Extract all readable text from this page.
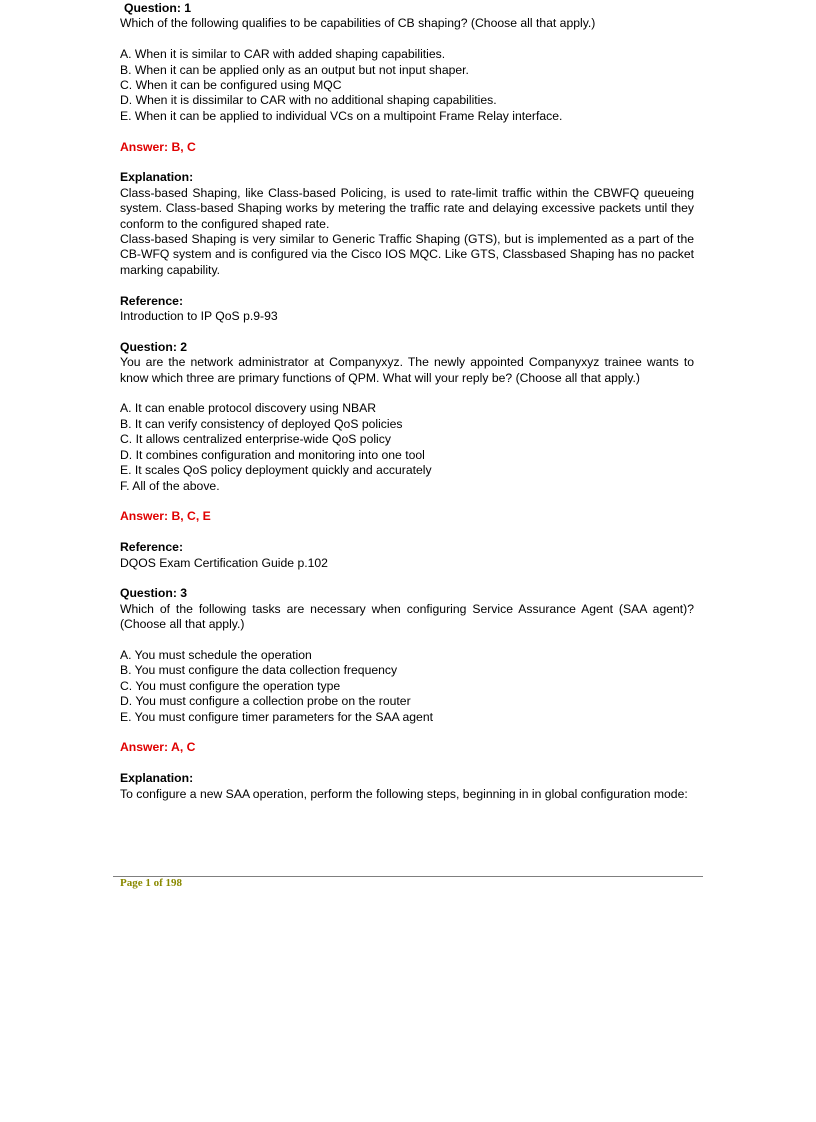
Question: 1
Which of the following qualifies to be capabilities of CB shaping? (Choose all that apply.)
A. When it is similar to CAR with added shaping capabilities.
B. When it can be applied only as an output but not input shaper.
C. When it can be configured using MQC
D. When it is dissimilar to CAR with no additional shaping capabilities.
E. When it can be applied to individual VCs on a multipoint Frame Relay interface.
Answer: B, C
Explanation:
Class-based Shaping, like Class-based Policing, is used to rate-limit traffic within the CBWFQ queueing system. Class-based Shaping works by metering the traffic rate and delaying excessive packets until they conform to the configured shaped rate.
Class-based Shaping is very similar to Generic Traffic Shaping (GTS), but is implemented as a part of the CB-WFQ system and is configured via the Cisco IOS MQC. Like GTS, Classbased Shaping has no packet marking capability.
Reference:
Introduction to IP QoS p.9-93
Question: 2
You are the network administrator at Companyxyz. The newly appointed Companyxyz trainee wants to know which three are primary functions of QPM. What will your reply be? (Choose all that apply.)
A. It can enable protocol discovery using NBAR
B. It can verify consistency of deployed QoS policies
C. It allows centralized enterprise-wide QoS policy
D. It combines configuration and monitoring into one tool
E. It scales QoS policy deployment quickly and accurately
F. All of the above.
Answer: B, C, E
Reference:
DQOS Exam Certification Guide p.102
Question: 3
Which of the following tasks are necessary when configuring Service Assurance Agent (SAA agent)? (Choose all that apply.)
A. You must schedule the operation
B. You must configure the data collection frequency
C. You must configure the operation type
D. You must configure a collection probe on the router
E. You must configure timer parameters for the SAA agent
Answer: A, C
Explanation:
To configure a new SAA operation, perform the following steps, beginning in in global configuration mode:
Page 1 of 198
